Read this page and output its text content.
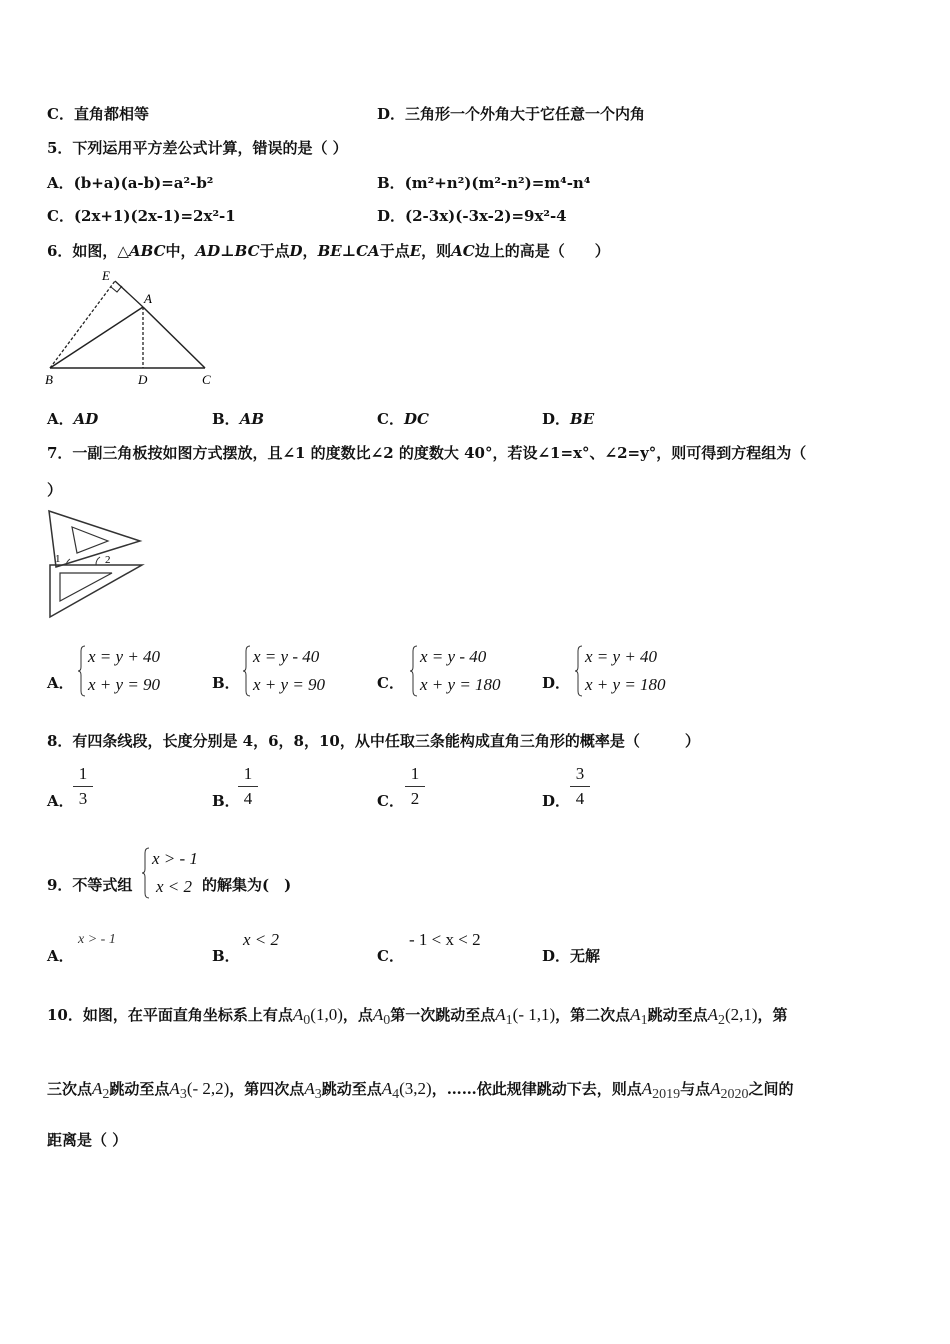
C．直角都相等	D．三角形一个外角大于它任意一个内角
5．下列运用平方差公式计算，错误的是（ ）
A．(b+a)(a-b)=a²-b²	B．(m²+n²)(m²-n²)=m⁴-n⁴
C．(2x+1)(2x-1)=2x²-1	D．(2-3x)(-3x-2)=9x²-4
6．如图，△ABC中，AD⊥BC于点D，BE⊥CA于点E，则AC边上的高是（　　）
E
A
B	D	C
A．AD	B．AB	C．DC	D．BE
7．一副三角板按如图方式摆放，且∠1 的度数比∠2 的度数大 40°，若设∠1=x°、∠2=y°，则可得到方程组为（
）
1	2
A．
x = y + 40
x + y = 90	B．
x = y - 40
x + y = 90	C．
x = y - 40
x + y = 180	D．
x = y + 40
x + y = 180
8．有四条线段，长度分别是 4，6，8，10，从中任取三条能构成直角三角形的概率是（　　　）
A． $\frac{1}{3}$	B．
$\frac{1}{4}$	C． $\frac{1}{2}$	D． $\frac{3}{4}$
9．不等式组
x > - 1
x < 2 的解集为(　)
A．
x > - 1
B．
x < 2
C．
- 1 < x < 2
D．无解
10．如图，在平面直角坐标系上有点$A_0(1,0)$，点$A_0$第一次跳动至点$A_1(-$ 1,1)，第二次点$A_1$跳动至点$A_2(2,1)$，第
三次点$A_2$跳动至点$A_3(-$ 2,2)，第四次点$A_3$跳动至点$A_4(3,2)$，……依此规律跳动下去，则点$A_{2019}$与点$A_{2020}$之间的
距离是（ ）
